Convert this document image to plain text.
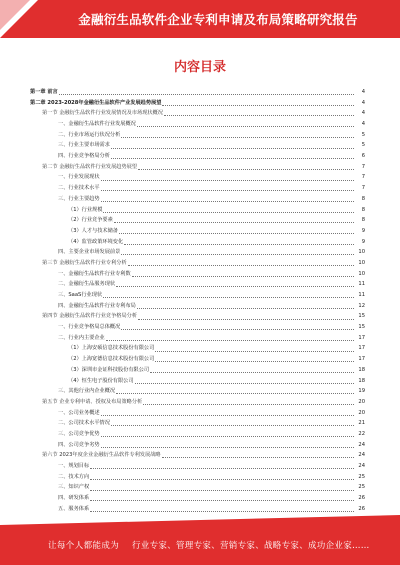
金融衍生品软件企业专利申请及布局策略研究报告
内容目录
第一章 前言	4
第二章 2023-2028年金融衍生品软件产业发展趋势展望	4
第一节 金融衍生品软件行业发展情况及市场现状概况	4
一、金融衍生品软件行业发展概况	4
二、行业市场运行状况分析	5
三、行业主要市场需求	5
四、行业竞争格局分析	6
第二节 金融衍生品软件行业发展趋势展望	7
一、行业发展现状	7
二、行业技术水平	7
三、行业主要趋势	8
（1）行业规模	8
（2）行业竞争要素	8
（3）人才与技术储备	9
（4）监管政策环境变化	9
四、主要企业市场发展前景	10
第三节 金融衍生品软件行业专利分析	10
一、金融衍生品软件行业专利数	10
二、金融衍生品服务现状	11
三、SaaS行业现状	11
四、金融衍生品软件行业专利布局	12
第四节 金融衍生品软件行业竞争格局分析	15
一、行业竞争格局总体概况	15
二、行业内主要企业	17
（1）上海安硕信息技术股份有限公司	17
（2）上海宽德信息技术股份有限公司	17
（3）深圳市金证科技股份有限公司	18
（4）恒生电子股份有限公司	18
三、其他行业内企业概况	19
第五节 企业专利申请、授权及布局策略分析	20
一、公司业务概述	20
二、公司技术水平情况	21
三、公司竞争优势	22
四、公司竞争劣势	24
第六节 2023年度企业金融衍生品软件专利发展战略	24
一、规划目标	24
二、技术方向	25
三、知识产权	25
四、研发体系	26
五、服务体系	26
让每个人都能成为 行业专家、管理专家、营销专家、战略专家、成功企业家……
